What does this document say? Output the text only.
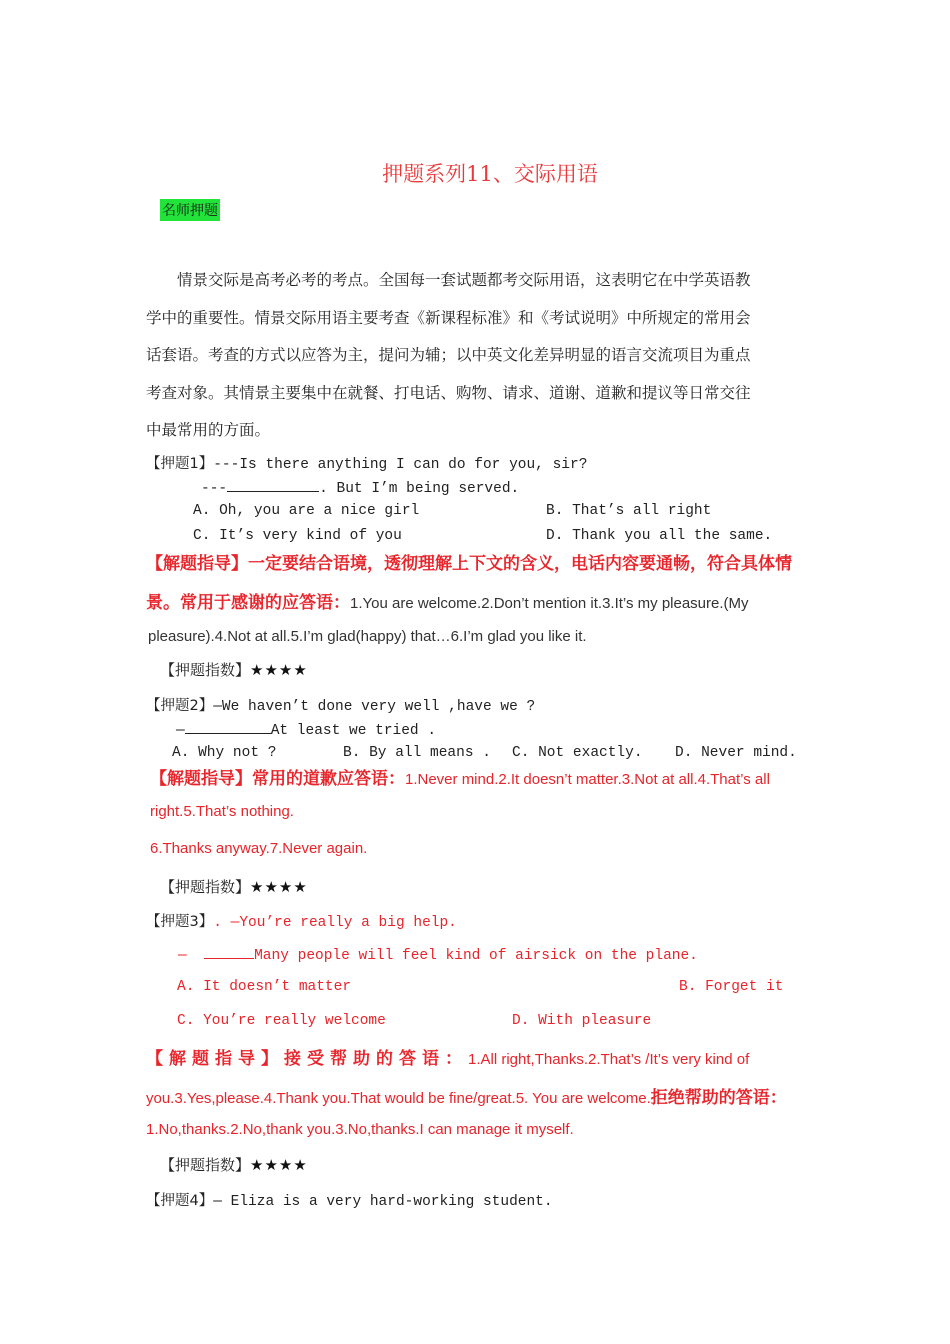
押题系列11、交际用语
名师押题

情景交际是高考必考的考点。全国每一套试题都考交际用语，这表明它在中学英语教

学中的重要性。情景交际用语主要考查《新课程标准》和《考试说明》中所规定的常用会

话套语。考查的方式以应答为主，提问为辅；以中英文化差异明显的语言交流项目为重点

考查对象。其情景主要集中在就餐、打电话、购物、请求、道谢、道歉和提议等日常交往

中最常用的方面。

【押题1】---Is there anything I can do for you, sir?
---	. But I’m being served.
A. Oh, you are a nice girl	B. That’s all right
C. It’s very kind of you	D. Thank you all the same.
【解题指导】一定要结合语境，透彻理解上下文的含义，电话内容要通畅，符合具体情
景。常用于感谢的应答语：1.You are welcome.2.Don’t mention it.3.It’s my pleasure.(My
pleasure).4.Not at all.5.I’m glad(happy) that…6.I’m glad you like it.
【押题指数】★★★★
【押题2】—We haven’t done very well ,have we ?
—	At least we tried .
A. Why not ?	B. By all means . C. Not exactly. D. Never mind.
【解题指导】常用的道歉应答语：1.Never mind.2.It doesn’t matter.3.Not at all.4.That’s all
right.5.That’s nothing.
6.Thanks anyway.7.Never again.
【押题指数】★★★★
【押题3】. —You’re really a big help.
—	Many people will feel kind of airsick on the plane.
A. It doesn’t matter	B. Forget it
C. You’re really welcome	D. With pleasure
【解题指导】接受帮助的答语：1.All right,Thanks.2.That’s /It’s very kind of
you.3.Yes,please.4.Thank you.That would be fine/great.5. You are welcome.拒绝帮助的答语：
1.No,thanks.2.No,thank you.3.No,thanks.I can manage it myself.
【押题指数】★★★★
【押题4】— Eliza is a very hard-working student.
